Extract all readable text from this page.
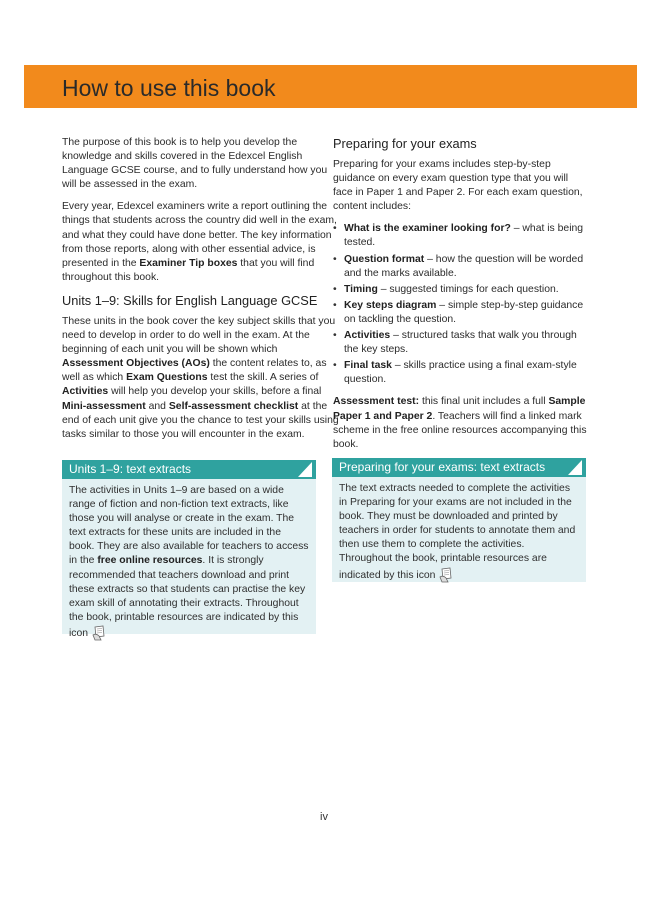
How to use this book

The purpose of this book is to help you develop the knowledge and skills covered in the Edexcel English Language GCSE course, and to fully understand how you will be assessed in the exam.

Every year, Edexcel examiners write a report outlining the things that students across the country did well in the exam, and what they could have done better. The key information from those reports, along with other essential advice, is presented in the Examiner Tip boxes that you will find throughout this book.

Units 1–9: Skills for English Language GCSE

These units in the book cover the key subject skills that you need to develop in order to do well in the exam. At the beginning of each unit you will be shown which Assessment Objectives (AOs) the content relates to, as well as which Exam Questions test the skill. A series of Activities will help you develop your skills, before a final Mini-assessment and Self-assessment checklist at the end of each unit give you the chance to test your skills using tasks similar to those you will encounter in the exam.

Units 1–9: text extracts
The activities in Units 1–9 are based on a wide range of fiction and non-fiction text extracts, like those you will analyse or create in the exam. The text extracts for these units are included in the book. They are also available for teachers to access in the free online resources. It is strongly recommended that teachers download and print these extracts so that students can practise the key exam skill of annotating their extracts. Throughout the book, printable resources are indicated by this icon
Preparing for your exams

Preparing for your exams includes step-by-step guidance on every exam question type that you will face in Paper 1 and Paper 2. For each exam question, content includes:

• What is the examiner looking for? – what is being tested.
• Question format – how the question will be worded and the marks available.
• Timing – suggested timings for each question.
• Key steps diagram – simple step-by-step guidance on tackling the question.
• Activities – structured tasks that walk you through the key steps.
• Final task – skills practice using a final exam-style question.

Assessment test: this final unit includes a full Sample Paper 1 and Paper 2. Teachers will find a linked mark scheme in the free online resources accompanying this book.

Preparing for your exams: text extracts
The text extracts needed to complete the activities in Preparing for your exams are not included in the book. They must be downloaded and printed by teachers in order for students to annotate them and then use them to complete the activities. Throughout the book, printable resources are indicated by this icon
iv
